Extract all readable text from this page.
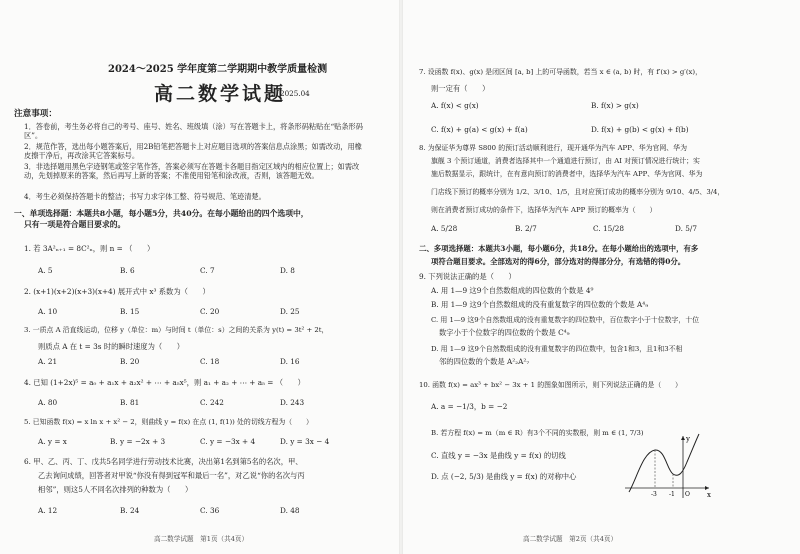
2024～2025 学年度第二学期期中教学质量检测
高二数学试题
2025.04
注意事项：
1．答卷前，考生务必将自己的考号、座号、姓名、班级填（涂）写在答题卡上，将条形码粘贴在“贴条形码区”。
2．规范作答，选出每小题答案后，用2B铅笔把答题卡上对应题目选项的答案信息点涂黑；如需改动，用橡皮擦干净后，再改涂其它答案标号。
3．非选择题用黑色字迹钢笔或签字笔作答，答案必须写在答题卡各题目指定区域内的相应位置上；如需改动，先划掉原来的答案，然后再写上新的答案；不准使用铅笔和涂改液，否则，该答题无效。
4．考生必须保持答题卡的整洁；书写力求字体工整、符号规范、笔迹清楚。
一、单项选择题：本题共8小题，每小题5分，共40分。在每小题给出的四个选项中，
只有一项是符合题目要求的。
1. 若 3A²ₙ₊₁ = 8C²ₙ，则 n = （　　）
A. 5	B. 6	C. 7	D. 8
2. (x+1)(x+2)(x+3)(x+4) 展开式中 x³ 系数为（　　）
A. 10	B. 15	C. 20	D. 25
3. 一质点 A 沿直线运动，位移 y（单位：m）与时间 t（单位：s）之间的关系为 y(t) = 3t² + 2t，
则质点 A 在 t = 3s 时的瞬时速度为（　　）
A. 21	B. 20	C. 18	D. 16
4. 已知 (1+2x)⁵ = a₀ + a₁x + a₂x² + ⋯ + a₅x⁵，则 a₁ + a₂ + ⋯ + a₅ = （　　）
A. 80	B. 81	C. 242	D. 243
5. 已知函数 f(x) = x ln x + x² − 2，则曲线 y = f(x) 在点 (1, f(1)) 处的切线方程为（　　）
A. y = x	B. y = −2x + 3	C. y = −3x + 4	D. y = 3x − 4
6. 甲、乙、丙、丁、戊共5名同学进行劳动技术比赛，决出第1名到第5名的名次，甲、
乙去询问成绩，回答者对甲说“你没有得到冠军和最后一名”，对乙说“你的名次与丙
相邻”，则这5人不同名次排列的种数为（　　）
A. 12	B. 24	C. 36	D. 48
高二数学试题　第1页（共4页）
7. 设函数 f(x)、g(x) 是闭区间 [a, b] 上的可导函数，若当 x ∈ (a, b) 时，有 f′(x) > g′(x)，
则一定有（　　）
A. f(x) < g(x)	B. f(x) > g(x)
C. f(x) + g(a) < g(x) + f(a)	D. f(x) + g(b) < g(x) + f(b)
8. 为保证华为尊界 S800 的预订活动顺利进行，现开通华为汽车 APP、华为官网、华为
旗舰 3 个预订通道，消费者选择其中一个通道进行预订，由 AI 对预订情况进行统计；实
施后数据显示，跟统计，在有意向预订的消费者中，选择华为汽车 APP、华为官网、华为
门店线下预订的概率分别为 1/2、3/10、1/5，且对应预订成功的概率分别为 9/10、4/5、3/4，
则在消费者预订成功的条件下，选择华为汽车 APP 预订的概率为（　　）
A. 5/28	B. 2/7	C. 15/28	D. 5/7
二、多项选择题：本题共3小题，每小题6分，共18分。在每小题给出的选项中，有多
项符合题目要求。全部选对的得6分，部分选对的得部分分，有选错的得0分。
9. 下列说法正确的是（　　）
A. 用 1—9 这9个自然数组成的四位数的个数是 4⁹
B. 用 1—9 这9个自然数组成的没有重复数字的四位数的个数是 A⁴₉
C. 用 1—9 这9个自然数组成的没有重复数字的四位数中，百位数字小于十位数字，十位
数字小于个位数字的四位数的个数是 C⁴₉
D. 用 1—9 这9个自然数组成的没有重复数字的四位数中，包含1和3，且1和3不相
邻的四位数的个数是 A²₂A²₇
10. 函数 f(x) = ax³ + bx² − 3x + 1 的图象如图所示，则下列说法正确的是（　　）
A. a = −1/3，b = −2
B. 若方程 f(x) = m（m ∈ R）有3个不同的实数根，则 m ∈ (1, 7/3)
C. 直线 y = −3x 是曲线 y = f(x) 的切线
D. 点 (−2, 5/3) 是曲线 y = f(x) 的对称中心
x
y
O
-3 -1
高二数学试题　第2页（共4页）
